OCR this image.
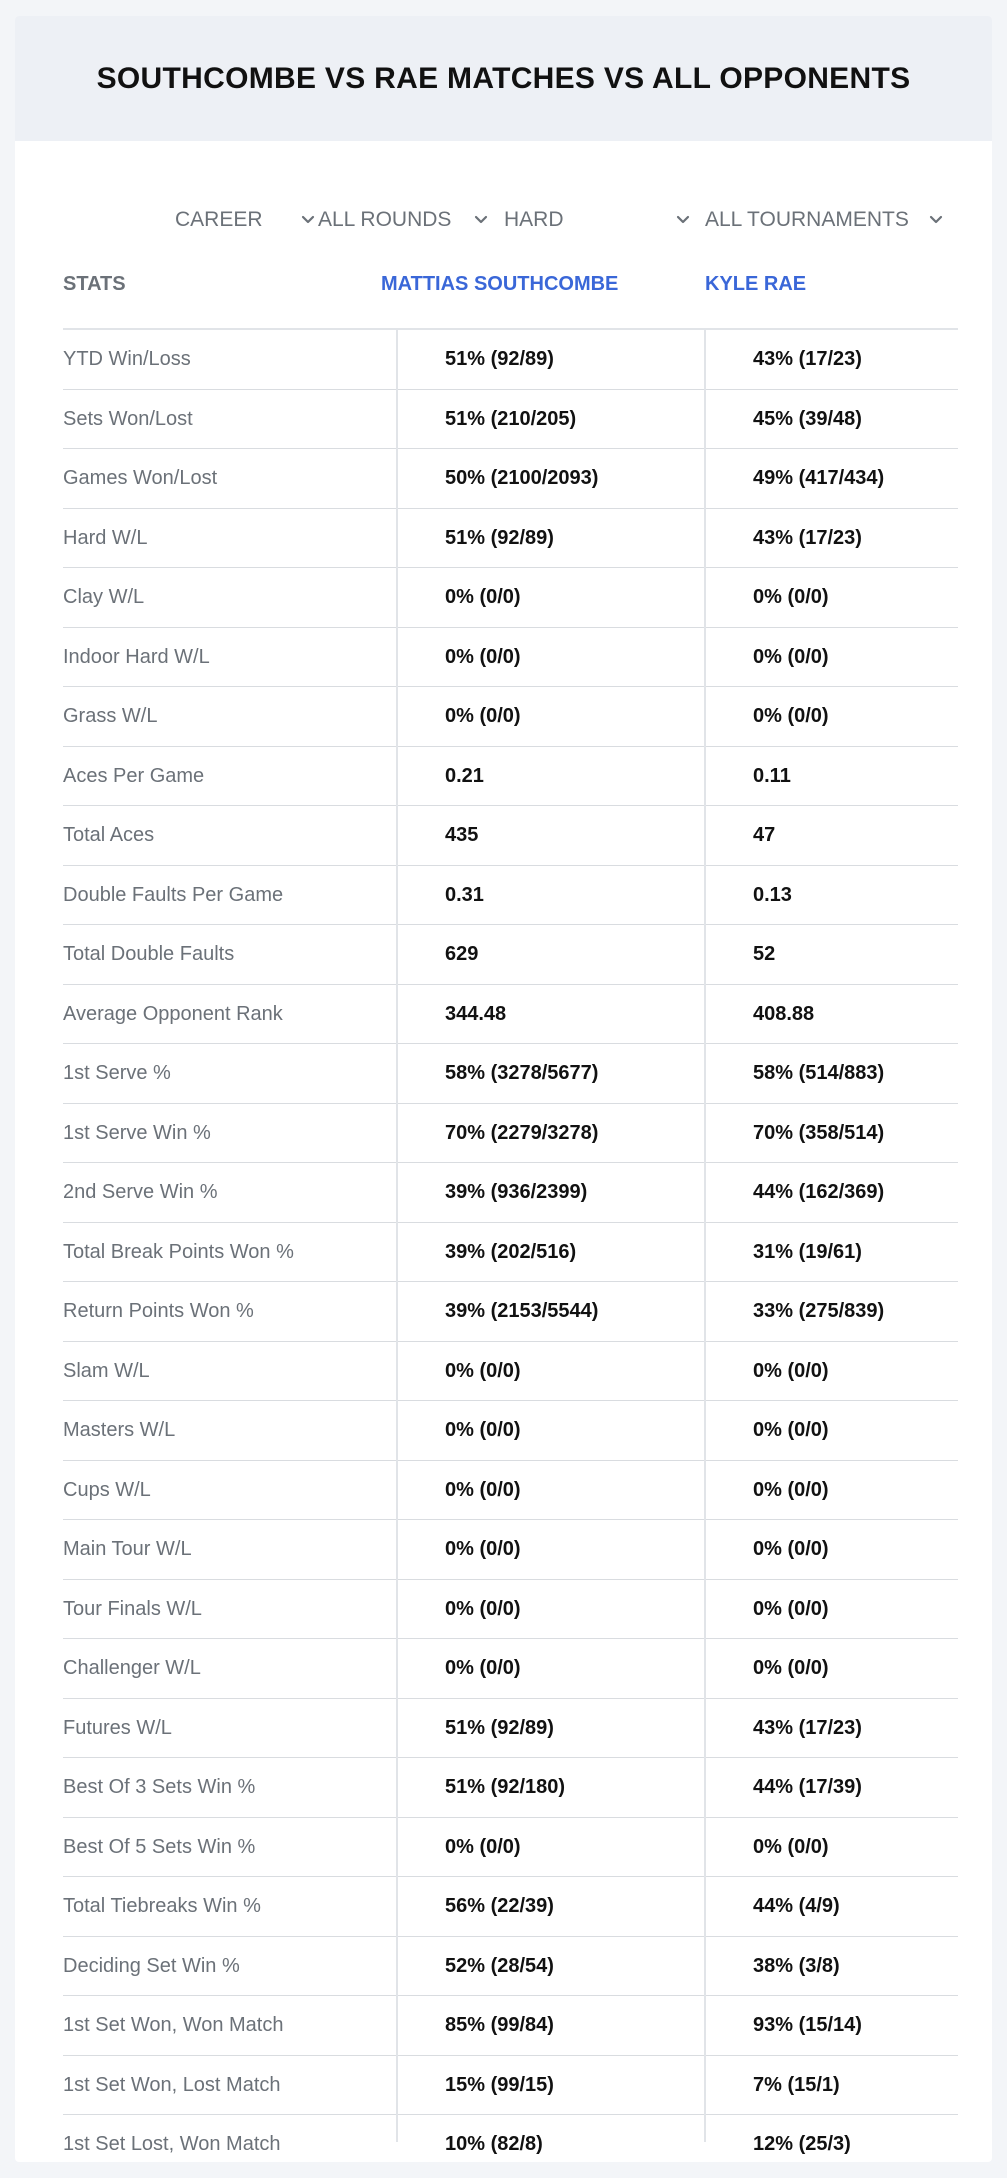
SOUTHCOMBE VS RAE MATCHES VS ALL OPPONENTS
CAREER	ALL ROUNDS	HARD	ALL TOURNAMENTS
STATS	MATTIAS SOUTHCOMBE	KYLE RAE
YTD Win/Loss	51% (92/89)	43% (17/23)
Sets Won/Lost	51% (210/205)	45% (39/48)
Games Won/Lost	50% (2100/2093)	49% (417/434)
Hard W/L	51% (92/89)	43% (17/23)
Clay W/L	0% (0/0)	0% (0/0)
Indoor Hard W/L	0% (0/0)	0% (0/0)
Grass W/L	0% (0/0)	0% (0/0)
Aces Per Game	0.21	0.11
Total Aces	435	47
Double Faults Per Game	0.31	0.13
Total Double Faults	629	52
Average Opponent Rank	344.48	408.88
1st Serve %	58% (3278/5677)	58% (514/883)
1st Serve Win %	70% (2279/3278)	70% (358/514)
2nd Serve Win %	39% (936/2399)	44% (162/369)
Total Break Points Won %	39% (202/516)	31% (19/61)
Return Points Won %	39% (2153/5544)	33% (275/839)
Slam W/L	0% (0/0)	0% (0/0)
Masters W/L	0% (0/0)	0% (0/0)
Cups W/L	0% (0/0)	0% (0/0)
Main Tour W/L	0% (0/0)	0% (0/0)
Tour Finals W/L	0% (0/0)	0% (0/0)
Challenger W/L	0% (0/0)	0% (0/0)
Futures W/L	51% (92/89)	43% (17/23)
Best Of 3 Sets Win %	51% (92/180)	44% (17/39)
Best Of 5 Sets Win %	0% (0/0)	0% (0/0)
Total Tiebreaks Win %	56% (22/39)	44% (4/9)
Deciding Set Win %	52% (28/54)	38% (3/8)
1st Set Won, Won Match	85% (99/84)	93% (15/14)
1st Set Won, Lost Match	15% (99/15)	7% (15/1)
1st Set Lost, Won Match	10% (82/8)	12% (25/3)
